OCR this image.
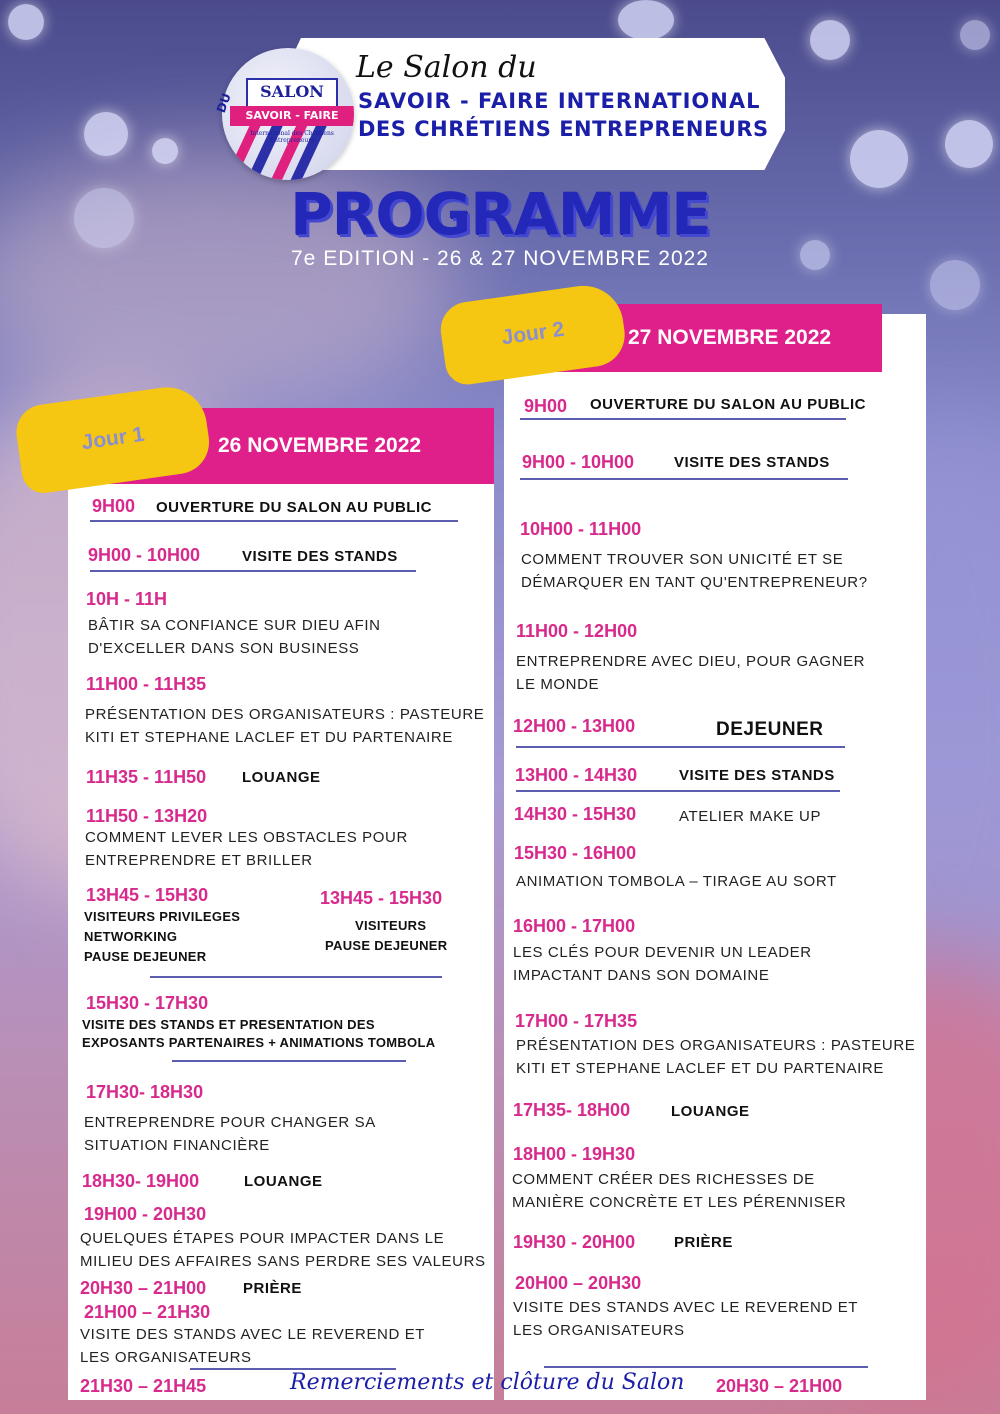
SALON
SAVOIR - FAIRE
International des Chrétiens Entrepreneurs
DU
Le Salon du
SAVOIR - FAIRE INTERNATIONAL
DES CHRÉTIENS ENTREPRENEURS
PROGRAMME
7e EDITION - 26 & 27 NOVEMBRE 2022
27 NOVEMBRE 2022
Jour 2
26 NOVEMBRE 2022
Jour 1
9H00 OUVERTURE DU SALON AU PUBLIC
9H00 - 10H00	VISITE DES STANDS
10H - 11H
BÂTIR SA CONFIANCE SUR DIEU AFIN
D'EXCELLER DANS SON BUSINESS
11H00 - 11H35
PRÉSENTATION DES ORGANISATEURS : PASTEURE
KITI ET STEPHANE LACLEF ET DU PARTENAIRE
11H35 - 11H50 LOUANGE
11H50 - 13H20
COMMENT LEVER LES OBSTACLES POUR
ENTREPRENDRE ET BRILLER
13H45 - 15H30
VISITEURS PRIVILEGES
NETWORKING
PAUSE DEJEUNER
13H45 - 15H30
VISITEURS
PAUSE DEJEUNER
15H30 - 17H30
VISITE DES STANDS ET PRESENTATION DES
EXPOSANTS PARTENAIRES + ANIMATIONS TOMBOLA
17H30- 18H30
ENTREPRENDRE POUR CHANGER SA
SITUATION FINANCIÈRE
18H30- 19H00	LOUANGE
19H00 - 20H30
QUELQUES ÉTAPES POUR IMPACTER DANS LE
MILIEU DES AFFAIRES SANS PERDRE SES VALEURS
20H30 – 21H00 PRIÈRE
21H00 – 21H30
VISITE DES STANDS AVEC LE REVEREND ET
LES ORGANISATEURS
21H30 – 21H45
9H00 OUVERTURE DU SALON AU PUBLIC
9H00 - 10H00	VISITE DES STANDS
10H00 - 11H00
COMMENT TROUVER SON UNICITÉ ET SE
DÉMARQUER EN TANT QU'ENTREPRENEUR?
11H00 - 12H00
ENTREPRENDRE AVEC DIEU, POUR GAGNER
LE MONDE
12H00 - 13H00	DEJEUNER
13H00 - 14H30	VISITE DES STANDS
14H30 - 15H30	ATELIER MAKE UP
15H30 - 16H00
ANIMATION TOMBOLA – TIRAGE AU SORT
16H00 - 17H00
LES CLÉS POUR DEVENIR UN LEADER
IMPACTANT DANS SON DOMAINE
17H00 - 17H35
PRÉSENTATION DES ORGANISATEURS : PASTEURE
KITI ET STEPHANE LACLEF ET DU PARTENAIRE
17H35- 18H00	LOUANGE
18H00 - 19H30
COMMENT CRÉER DES RICHESSES DE
MANIÈRE CONCRÈTE ET LES PÉRENNISER
19H30 - 20H00	PRIÈRE
20H00 – 20H30
VISITE DES STANDS AVEC LE REVEREND ET
LES ORGANISATEURS
20H30 – 21H00
Remerciements et clôture du Salon
